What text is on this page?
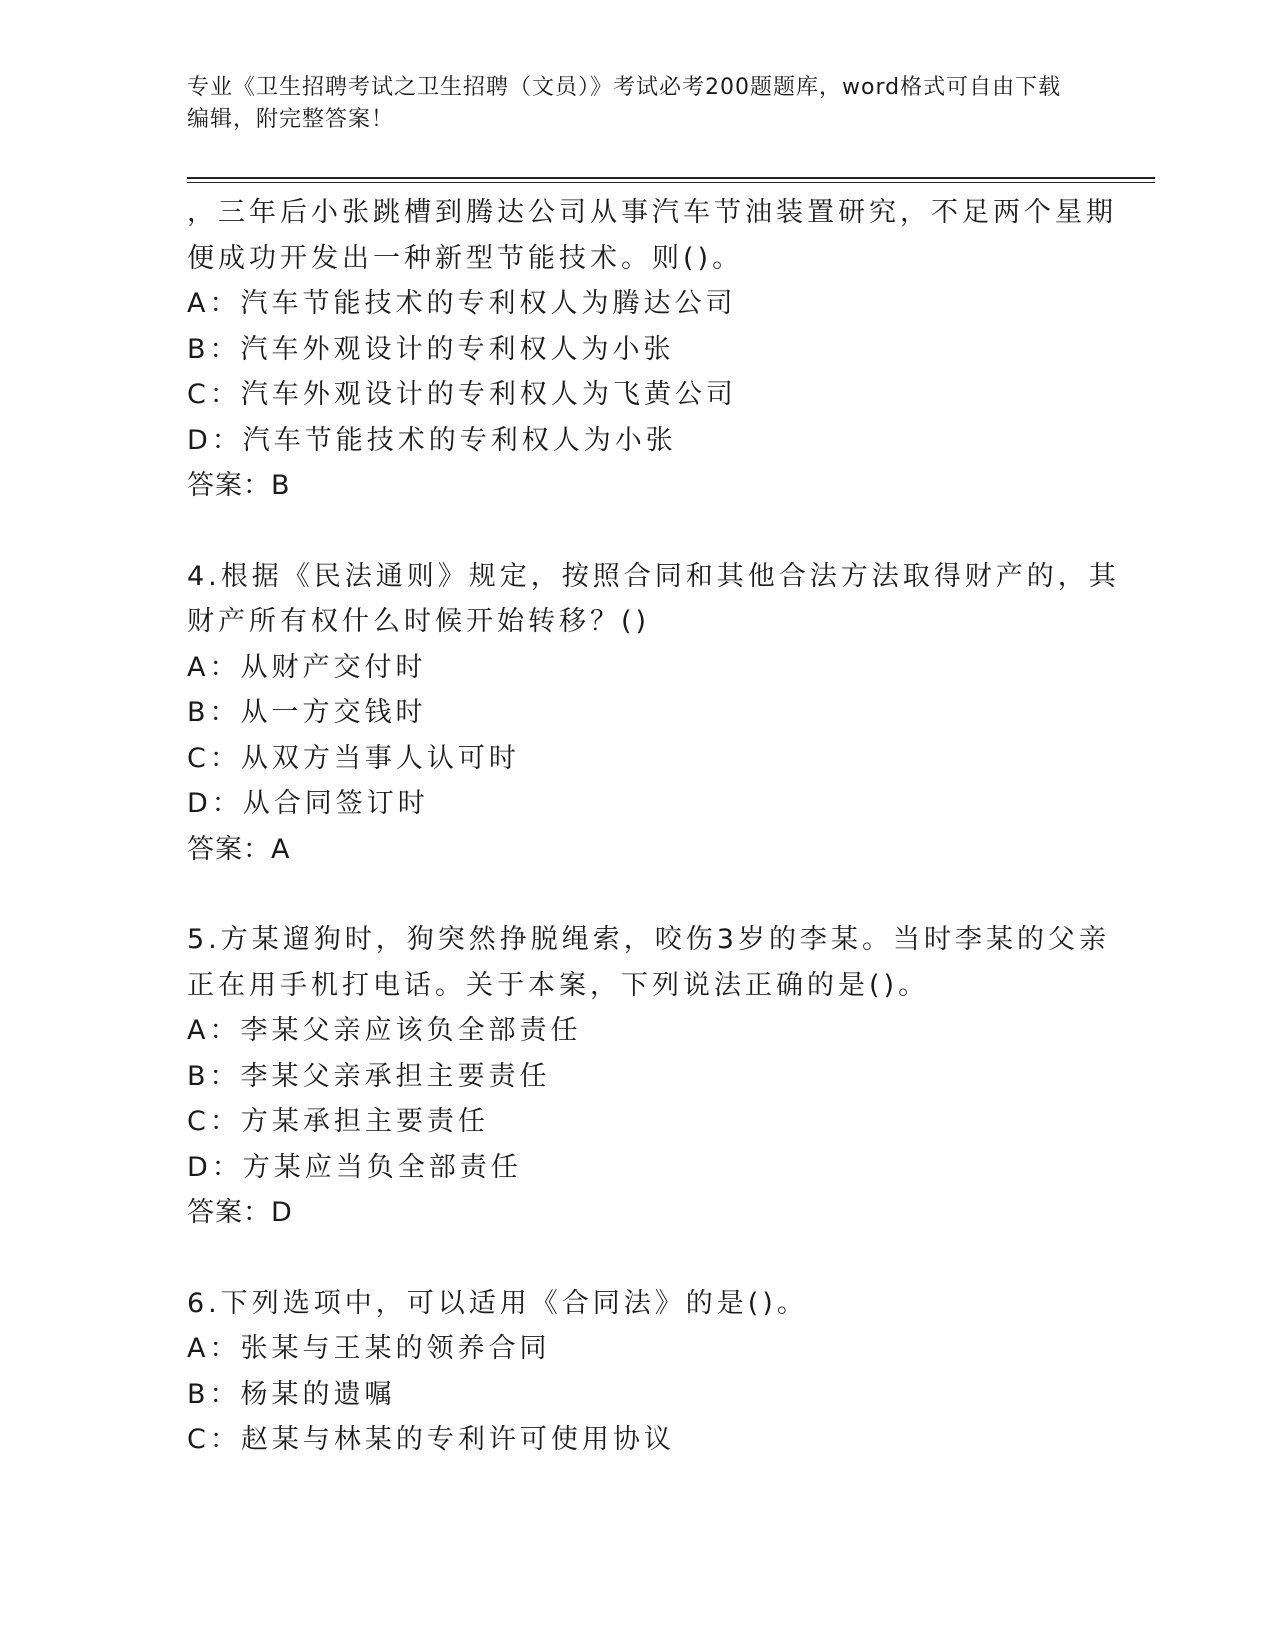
专业《卫生招聘考试之卫生招聘（文员）》考试必考200题题库，word格式可自由下载编辑，附完整答案！
，三年后小张跳槽到腾达公司从事汽车节油装置研究，不足两个星期
便成功开发出一种新型节能技术。则()。
A：汽车节能技术的专利权人为腾达公司
B：汽车外观设计的专利权人为小张
C：汽车外观设计的专利权人为飞黄公司
D：汽车节能技术的专利权人为小张
答案：B
4.根据《民法通则》规定，按照合同和其他合法方法取得财产的，其
财产所有权什么时候开始转移？()
A：从财产交付时
B：从一方交钱时
C：从双方当事人认可时
D：从合同签订时
答案：A
5.方某遛狗时，狗突然挣脱绳索，咬伤3岁的李某。当时李某的父亲
正在用手机打电话。关于本案，下列说法正确的是()。
A：李某父亲应该负全部责任
B：李某父亲承担主要责任
C：方某承担主要责任
D：方某应当负全部责任
答案：D
6.下列选项中，可以适用《合同法》的是()。
A：张某与王某的领养合同
B：杨某的遗嘱
C：赵某与林某的专利许可使用协议
